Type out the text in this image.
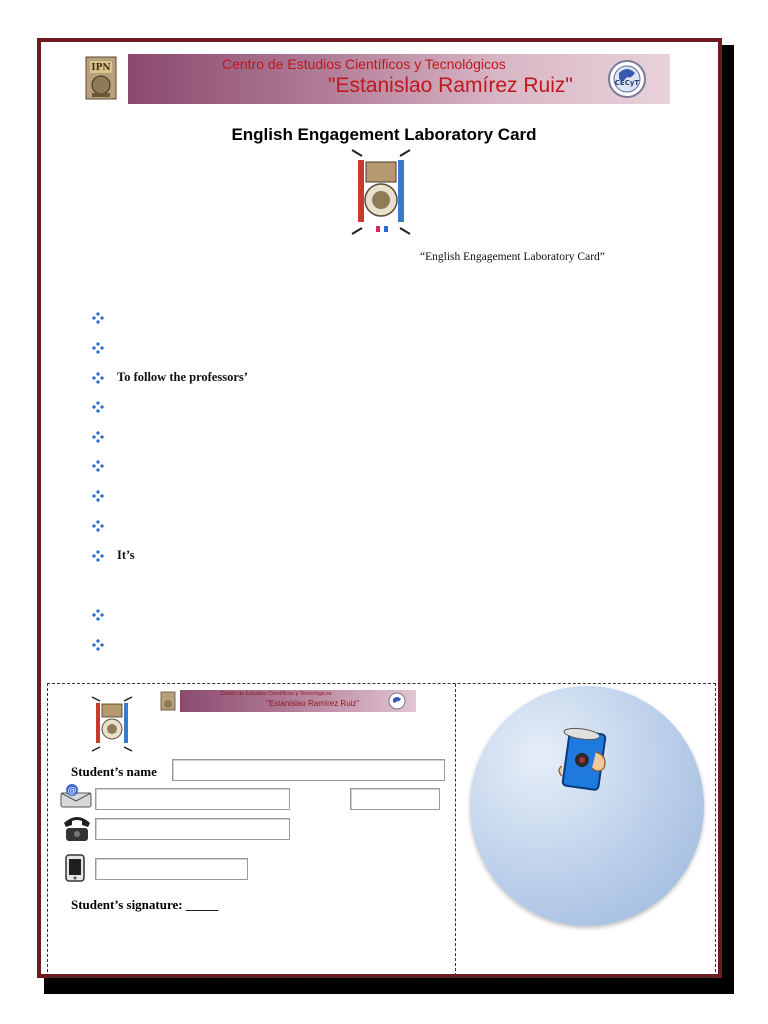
IPN	Centro de Estudios Científicos y Tecnológicos
"Estanislao Ramírez Ruiz"	CECyT
English Engagement Laboratory Card
“English Engagement Laboratory Card”
To follow the professors’
It’s
Centro de Estudios Científicos y Tecnológicos
"Estanislao Ramírez Ruiz"
Student’s name
@
Student’s signature: _____
